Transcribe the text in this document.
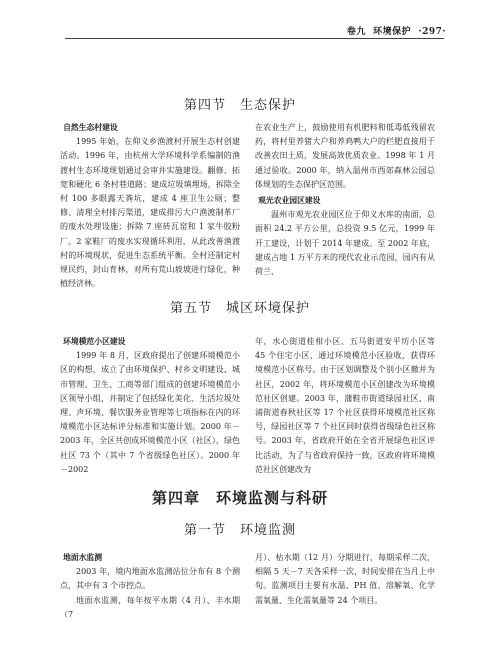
卷九 环境保护 ·297·
第四节　生态保护
自然生态村建设

1995 年始，在仰义乡渔渡村开展生态村创建活动。1996 年，由杭州大学环境科学系编制的渔渡村生态环境规划通过会审并实施建设。翻修、拓宽和硬化 6 条村巷道路；建成垃圾填埋场，拆除全村 100 多眼露天粪坑，建成 4 座卫生公厕；整修、清理全村排污渠道，建成排污大户渔渡制革厂的废水处理设施；拆除 7 座砖瓦窑和 1 家牛胶粉厂。2 家鞋厂的废水实现循环利用，从此改善渔渡村的环境现状，促进生态系统平衡。全村还制定村规民约，封山育林，对所有荒山坡坡进行绿化，种植经济林。

在农业生产上，鼓励使用有机肥料和低毒低残留农药，将村里养猪大户和养鸡鸭大户的栏肥直接用于改善农田土质，发展高效优质农业。1998 年 1 月通过验收。2000 年，纳入温州市西郊森林公园总体规划的生态保护区范围。

观光农业园区建设

温州市观光农业园区位于仰义水库的南面，总面积 24.2 平方公里，总投资 9.5 亿元，1999 年开工建设，计划于 2014 年建成。至 2002 年底，建成占地 1 万平方米的现代农业示范园，园内有从荷兰、

第五节　城区环境保护
环境模范小区建设

1999 年 8 月，区政府提出了创建环境模范小区的构想，成立了由环境保护、村乡文明建设、城市管理、卫生、工商等部门组成的创建环境模范小区领导小组，并制定了包括绿化美化、生活垃圾处理、声环境、餐饮服务业管理等七项指标在内的环境模范小区达标评分标准和实施计划。2000 年－2003 年，全区共创成环境模范小区（社区），绿色社区 73 个（其中 7 个省级绿色社区）。2000 年－2002

年，水心街道桂柑小区、五马街道安平坊小区等 45 个住宅小区，通过环境模范小区验收，获得环境模范小区称号。由于区划调整及个别小区撤并为社区，2002 年，将环境模范小区创建改为环境模范社区创建。2003 年，蒲鞋市街道绿园社区、南浦街道春秋社区等 17 个社区获得环境模范社区称号，绿园社区等 7 个社区同时获得省级绿色社区称号。2003 年，省政府开始在全省开展绿色社区评比活动，为了与省政府保持一致，区政府将环境模范社区创建改为

第四章　环境监测与科研
第一节　环境监测
地面水监测

2003 年，境内地面水监测站位分布有 8 个测点，其中有 3 个市控点。

地面水监测，每年按平水期（4 月）、丰水期（7

月）、枯水期（12 月）分期进行，每期采样二次，相隔 5 天－7 天各采样一次，时间安排在当月上中旬。监测项目主要有水温、PH 值、溶解氧、化学需氧量、生化需氧量等 24 个项目。
